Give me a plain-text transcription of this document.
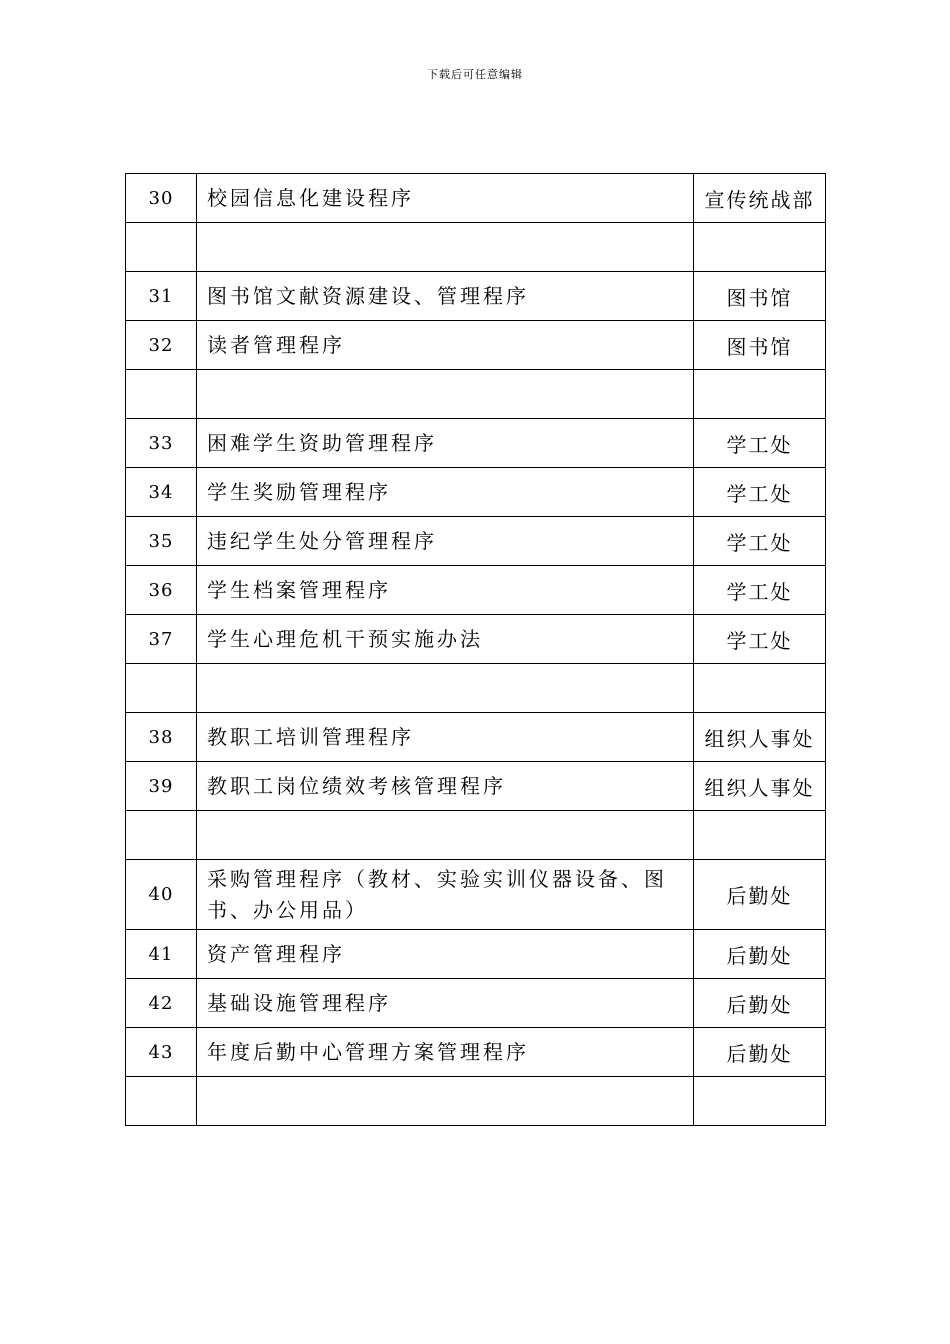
下载后可任意编辑
30	校园信息化建设程序	宣传统战部

31	图书馆文献资源建设、管理程序	图书馆
32	读者管理程序	图书馆

33	困难学生资助管理程序	学工处
34	学生奖励管理程序	学工处
35	违纪学生处分管理程序	学工处
36	学生档案管理程序	学工处
37	学生心理危机干预实施办法	学工处

38	教职工培训管理程序	组织人事处
39	教职工岗位绩效考核管理程序	组织人事处

40	采购管理程序（教材、实验实训仪器设备、图书、办公用品）	后勤处
41	资产管理程序	后勤处
42	基础设施管理程序	后勤处
43	年度后勤中心管理方案管理程序	后勤处
